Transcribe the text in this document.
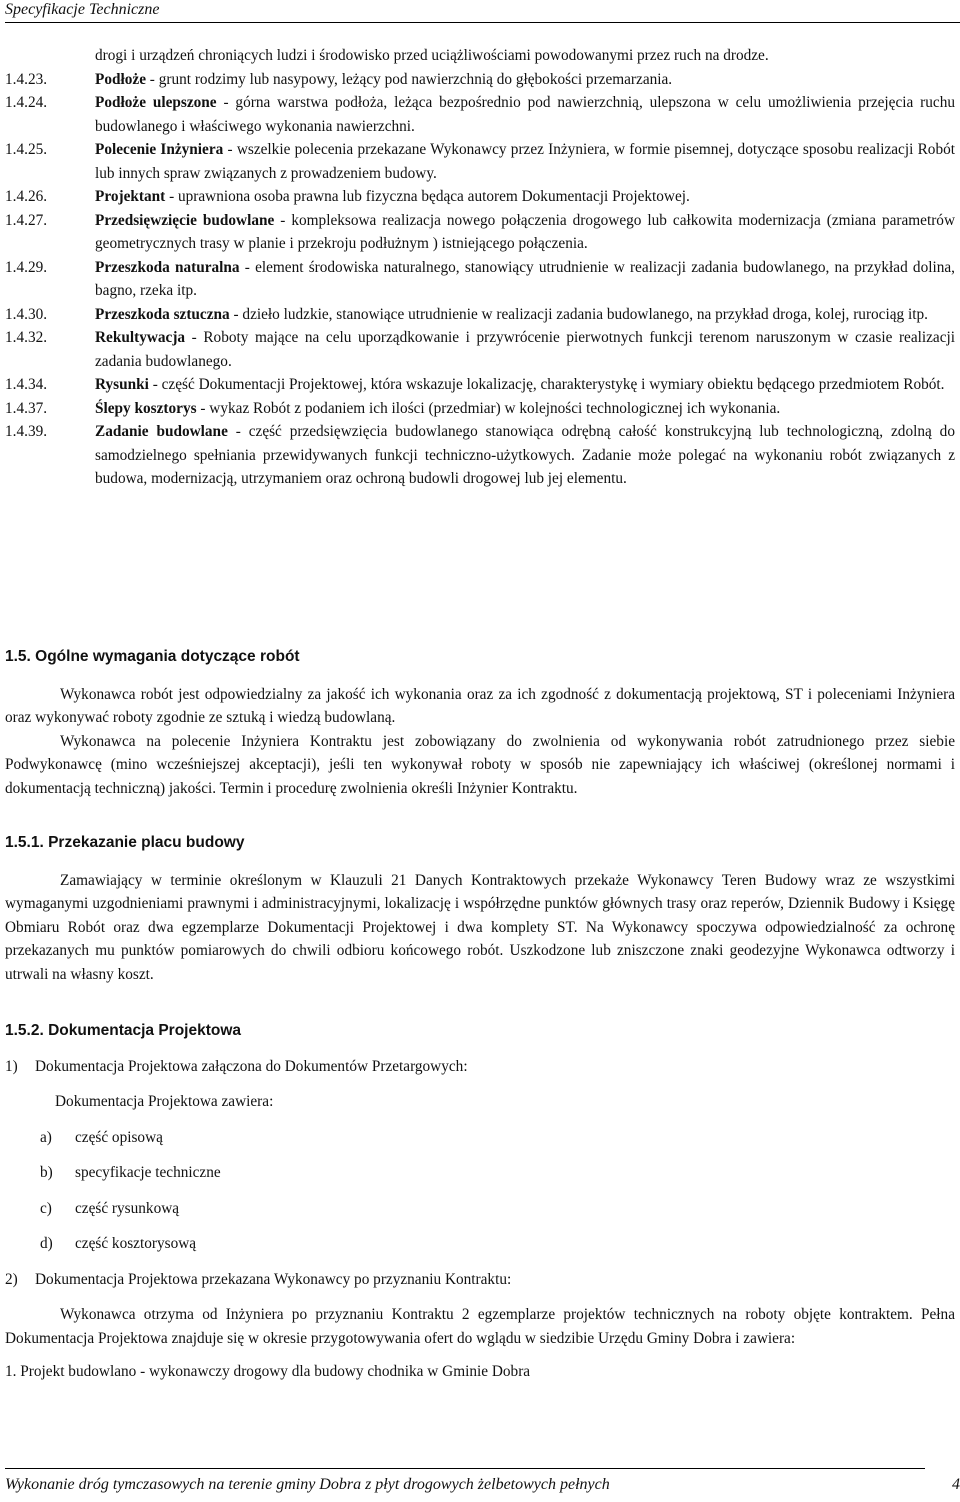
Specyfikacje Techniczne
drogi i urządzeń chroniących ludzi i środowisko przed uciążliwościami powodowanymi przez ruch na drodze.
1.4.23.	Podłoże - grunt rodzimy lub nasypowy, leżący pod nawierzchnią do głębokości przemarzania.
1.4.24.	Podłoże ulepszone - górna warstwa podłoża, leżąca bezpośrednio pod nawierzchnią, ulepszona w celu umożliwienia przejęcia ruchu budowlanego i właściwego wykonania nawierzchni.
1.4.25.	Polecenie Inżyniera - wszelkie polecenia przekazane Wykonawcy przez Inżyniera, w formie pisemnej, dotyczące sposobu realizacji Robót lub innych spraw związanych z prowadzeniem budowy.
1.4.26.	Projektant - uprawniona osoba prawna lub fizyczna będąca autorem Dokumentacji Projektowej.
1.4.27.	Przedsięwzięcie budowlane - kompleksowa realizacja nowego połączenia drogowego lub całkowita modernizacja (zmiana parametrów geometrycznych trasy w planie i przekroju podłużnym ) istniejącego połączenia.
1.4.29.	Przeszkoda naturalna - element środowiska naturalnego, stanowiący utrudnienie w realizacji zadania budowlanego, na przykład dolina, bagno, rzeka itp.
1.4.30.	Przeszkoda sztuczna - dzieło ludzkie, stanowiące utrudnienie w realizacji zadania budowlanego, na przykład droga, kolej, rurociąg itp.
1.4.32.	Rekultywacja - Roboty mające na celu uporządkowanie i przywrócenie pierwotnych funkcji terenom naruszonym w czasie realizacji zadania budowlanego.
1.4.34.	Rysunki - część Dokumentacji Projektowej, która wskazuje lokalizację, charakterystykę i wymiary obiektu będącego przedmiotem Robót.
1.4.37.	Ślepy kosztorys - wykaz Robót z podaniem ich ilości (przedmiar) w kolejności technologicznej ich wykonania.
1.4.39.	Zadanie budowlane - część przedsięwzięcia budowlanego stanowiąca odrębną całość konstrukcyjną lub technologiczną, zdolną do samodzielnego spełniania przewidywanych funkcji techniczno-użytkowych. Zadanie może polegać na wykonaniu robót związanych z budowa, modernizacją, utrzymaniem oraz ochroną budowli drogowej lub jej elementu.
1.5. Ogólne wymagania dotyczące robót
Wykonawca robót jest odpowiedzialny za jakość ich wykonania oraz za ich zgodność z dokumentacją projektową, ST i poleceniami Inżyniera oraz wykonywać roboty zgodnie ze sztuką i wiedzą budowlaną.
Wykonawca na polecenie Inżyniera Kontraktu jest zobowiązany do zwolnienia od wykonywania robót zatrudnionego przez siebie Podwykonawcę (mino wcześniejszej akceptacji), jeśli ten wykonywał roboty w sposób nie zapewniający ich właściwej (określonej normami i dokumentacją techniczną) jakości. Termin i procedurę zwolnienia określi Inżynier Kontraktu.
1.5.1. Przekazanie placu budowy
Zamawiający w terminie określonym w Klauzuli 21 Danych Kontraktowych przekaże Wykonawcy Teren Budowy wraz ze wszystkimi wymaganymi uzgodnieniami prawnymi i administracyjnymi, lokalizację i współrzędne punktów głównych trasy oraz reperów, Dziennik Budowy i Księgę Obmiaru Robót oraz dwa egzemplarze Dokumentacji Projektowej i dwa komplety ST. Na Wykonawcy spoczywa odpowiedzialność za ochronę przekazanych mu punktów pomiarowych do chwili odbioru końcowego robót. Uszkodzone lub zniszczone znaki geodezyjne Wykonawca odtworzy i utrwali na własny koszt.
1.5.2. Dokumentacja Projektowa
1) Dokumentacja Projektowa załączona do Dokumentów Przetargowych:
Dokumentacja Projektowa zawiera:
a) część opisową
b) specyfikacje techniczne
c) część rysunkową
d) część kosztorysową
2) Dokumentacja Projektowa przekazana Wykonawcy po przyznaniu Kontraktu:
Wykonawca otrzyma od Inżyniera po przyznaniu Kontraktu 2 egzemplarze projektów technicznych na roboty objęte kontraktem. Pełna Dokumentacja Projektowa znajduje się w okresie przygotowywania ofert do wglądu w siedzibie Urzędu Gminy Dobra i zawiera:
1. Projekt budowlano - wykonawczy drogowy dla budowy chodnika w Gminie Dobra
Wykonanie dróg tymczasowych na terenie gminy Dobra z płyt drogowych żelbetowych pełnych	4
